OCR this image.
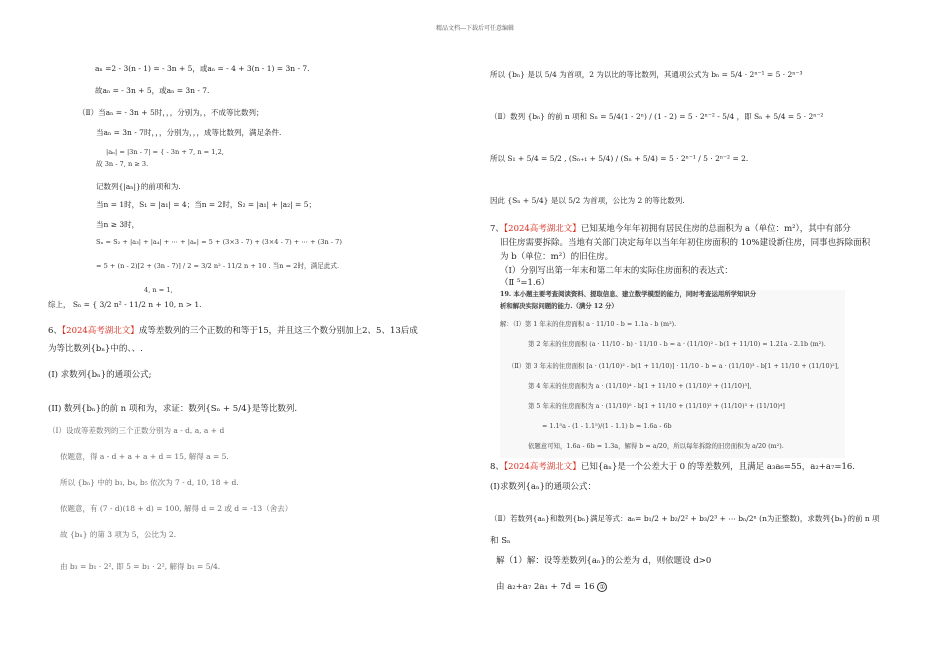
精品文档---下载后可任意编辑
aₙ =2 - 3(n - 1) = - 3n + 5，或aₙ = - 4 + 3(n - 1) = 3n - 7.
故aₙ = - 3n + 5，或aₙ = 3n - 7.
（Ⅱ）当aₙ = - 3n + 5时，，，分别为，，不成等比数列；
当aₙ = 3n - 7时，，，分别为，，，成等比数列，满足条件.
|aₙ| = |3n - 7| = { - 3n + 7, n = 1,2,
故 3n - 7, n ≥ 3.
记数列{|aₙ|}的前项和为.
当n = 1时，S₁ = |a₁| = 4；当n = 2时，S₂ = |a₁| + |a₂| = 5；
当n ≥ 3时，
Sₙ = S₂ + |a₃| + |a₄| + ⋯ + |aₙ| = 5 + (3×3 - 7) + (3×4 - 7) + ⋯ + (3n - 7)
= 5 + (n - 2)[2 + (3n - 7)] / 2 = 3/2 n² - 11/2 n + 10 . 当n = 2时，满足此式.
4, n = 1,
综上， Sₙ = { 3/2 n² - 11/2 n + 10, n > 1.
6、【2024高考湖北文】成等差数列的三个正数的和等于15，并且这三个数分别加上2、5、13后成
为等比数列{bₙ}中的、、.
(I) 求数列{bₙ}的通项公式;
(II) 数列{bₙ}的前 n 项和为，求证：数列{Sₙ + 5/4}是等比数列.
（Ⅰ）设成等差数列的三个正数分别为 a - d, a, a + d
依题意，得 a - d + a + a + d = 15, 解得 a = 5.
所以 {bₙ} 中的 b₃, b₄, b₅ 依次为 7 - d, 10, 18 + d.
依题意，有 (7 - d)(18 + d) = 100, 解得 d = 2 或 d = -13（舍去）
故 {bₙ} 的第 3 项为 5，公比为 2.
由 b₃ = b₁ · 2², 即 5 = b₁ · 2², 解得 b₁ = 5/4.
所以 {bₙ} 是以 5/4 为首项，2 为以比的等比数列，其通项公式为 bₙ = 5/4 · 2ⁿ⁻¹ = 5 · 2ⁿ⁻³
（Ⅱ）数列 {bₙ} 的前 n 项和 Sₙ = 5/4(1 - 2ⁿ) / (1 - 2) = 5 · 2ⁿ⁻² - 5/4 ，即 Sₙ + 5/4 = 5 · 2ⁿ⁻²
所以 S₁ + 5/4 = 5/2 , (Sₙ₊₁ + 5/4) / (Sₙ + 5/4) = 5 · 2ⁿ⁻¹ / 5 · 2ⁿ⁻² = 2.
因此 {Sₙ + 5/4} 是以 5/2 为首项，公比为 2 的等比数列.
7、【2024高考湖北文】已知某地今年年初拥有居民住房的总面积为 a（单位：m²），其中有部分
旧住房需要拆除。当地有关部门决定每年以当年年初住房面积的 10%建设新住房，同事也拆除面积
为 b（单位：m²）的旧住房。
（Ⅰ）分别写出第一年末和第二年末的实际住房面积的表达式：
（Ⅱ ⁵=1.6）
19. 本小题主要考查阅读资料、提取信息、建立数学模型的能力，同时考查运用所学知识分
析和解决实际问题的能力.（满分 12 分）
解：（Ⅰ）第 1 年末的住房面积 a · 11/10 - b = 1.1a - b (m²).
第 2 年末的住房面积 (a · 11/10 - b) · 11/10 - b = a · (11/10)² - b(1 + 11/10) = 1.21a - 2.1b (m²).
（Ⅱ）第 3 年末的住房面积 [a · (11/10)² - b(1 + 11/10)] · 11/10 - b = a · (11/10)³ - b[1 + 11/10 + (11/10)²],
第 4 年末的住房面积为 a · (11/10)⁴ - b[1 + 11/10 + (11/10)² + (11/10)³],
第 5 年末的住房面积为 a · (11/10)⁵ - b[1 + 11/10 + (11/10)² + (11/10)³ + (11/10)⁴]
= 1.1⁵a - (1 - 1.1⁵)/(1 - 1.1) b = 1.6a - 6b
依题意可知，1.6a - 6b = 1.3a，解得 b = a/20，所以每年拆除的旧房面积为 a/20 (m²).
8、【2024高考湖北文】已知{aₙ}是一个公差大于 0 的等差数列，且满足 a₃a₆=55，a₂+a₇=16.
(I)求数列{aₙ}的通项公式：
（Ⅱ）若数列{aₙ}和数列{bₙ}满足等式：aₙ= b₁/2 + b₂/2² + b₃/2³ + ⋯ bₙ/2ⁿ (n为正整数)，求数列{bₙ}的前 n 项
和 Sₙ
解（1）解：设等差数列{aₙ}的公差为 d，则依题设 d>0
由 a₂+a₇ 2a₁ + 7d = 16 ①
